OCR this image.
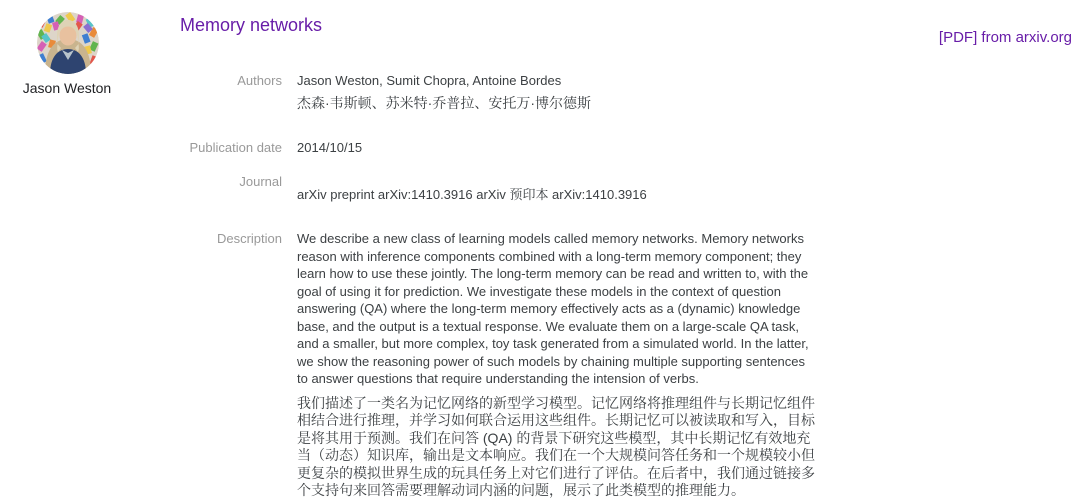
Jason Weston
Memory networks
[PDF] from arxiv.org
Authors Jason Weston, Sumit Chopra, Antoine Bordes
杰森·韦斯顿、苏米特·乔普拉、安托万·博尔德斯
Publication date 2014/10/15
Journal
arXiv preprint arXiv:1410.3916 arXiv 预印本 arXiv:1410.3916
Description We describe a new class of learning models called memory networks. Memory networks reason with inference components combined with a long-term memory component; they learn how to use these jointly. The long-term memory can be read and written to, with the goal of using it for prediction. We investigate these models in the context of question answering (QA) where the long-term memory effectively acts as a (dynamic) knowledge base, and the output is a textual response. We evaluate them on a large-scale QA task, and a smaller, but more complex, toy task generated from a simulated world. In the latter, we show the reasoning power of such models by chaining multiple supporting sentences to answer questions that require understanding the intension of verbs.
我们描述了一类名为记忆网络的新型学习模型。记忆网络将推理组件与长期记忆组件相结合进行推理，并学习如何联合运用这些组件。长期记忆可以被读取和写入，目标是将其用于预测。我们在问答 (QA) 的背景下研究这些模型，其中长期记忆有效地充当（动态）知识库，输出是文本响应。我们在一个大规模问答任务和一个规模较小但更复杂的模拟世界生成的玩具任务上对它们进行了评估。在后者中，我们通过链接多个支持句来回答需要理解动词内涵的问题，展示了此类模型的推理能力。
